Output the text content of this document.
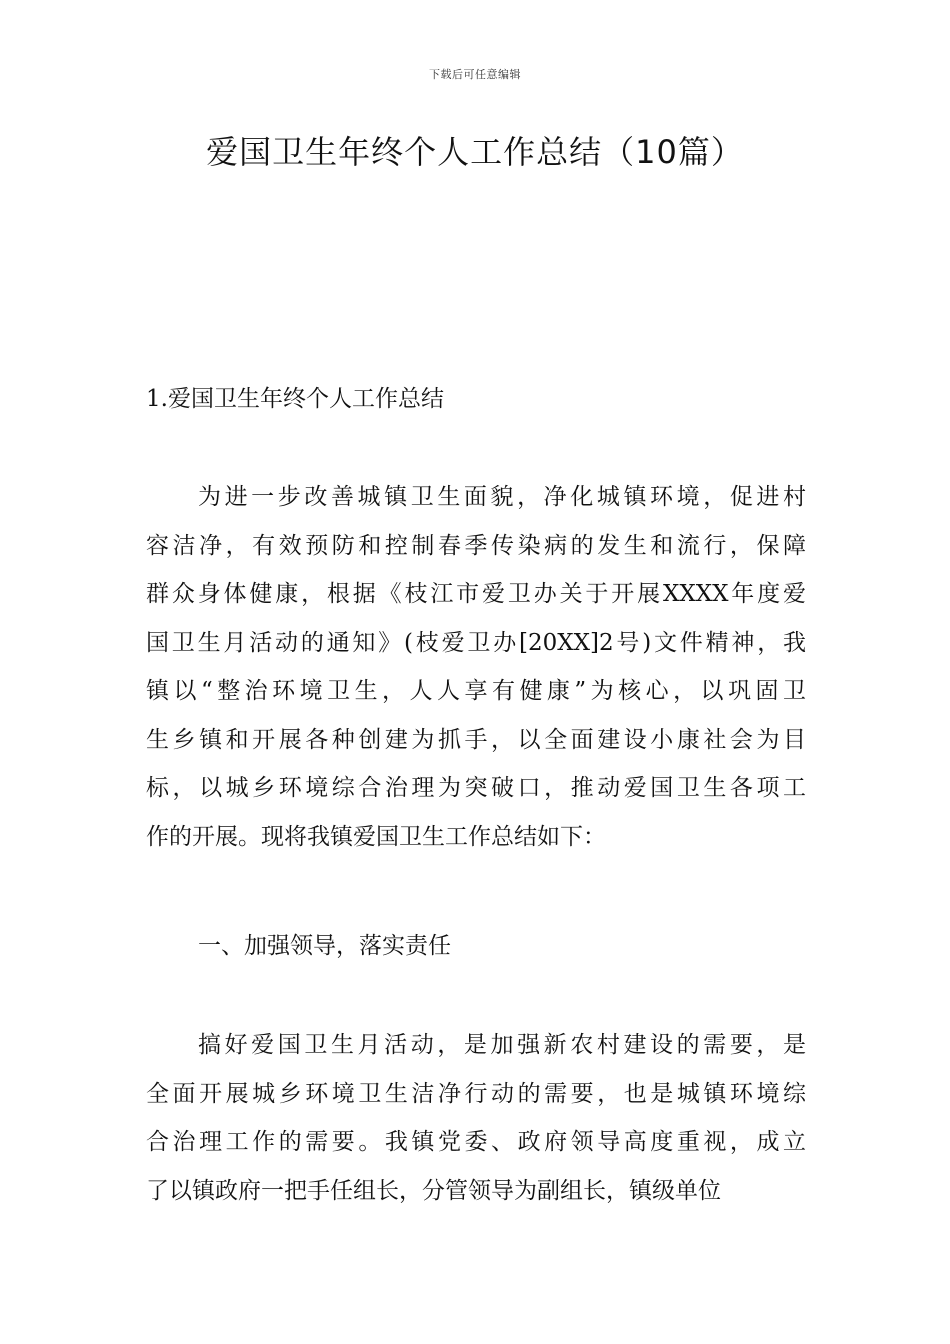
下载后可任意编辑
爱国卫生年终个人工作总结（10篇）
1.爱国卫生年终个人工作总结
为进一步改善城镇卫生面貌，净化城镇环境，促进村
容洁净，有效预防和控制春季传染病的发生和流行，保障
群众身体健康，根据《枝江市爱卫办关于开展XXXX年度爱
国卫生月活动的通知》(枝爱卫办[20XX]2号)文件精神，我
镇以“整治环境卫生，人人享有健康”为核心，以巩固卫
生乡镇和开展各种创建为抓手，以全面建设小康社会为目
标，以城乡环境综合治理为突破口，推动爱国卫生各项工
作的开展。现将我镇爱国卫生工作总结如下：
一、加强领导，落实责任
搞好爱国卫生月活动，是加强新农村建设的需要，是
全面开展城乡环境卫生洁净行动的需要，也是城镇环境综
合治理工作的需要。我镇党委、政府领导高度重视，成立
了以镇政府一把手任组长，分管领导为副组长，镇级单位
